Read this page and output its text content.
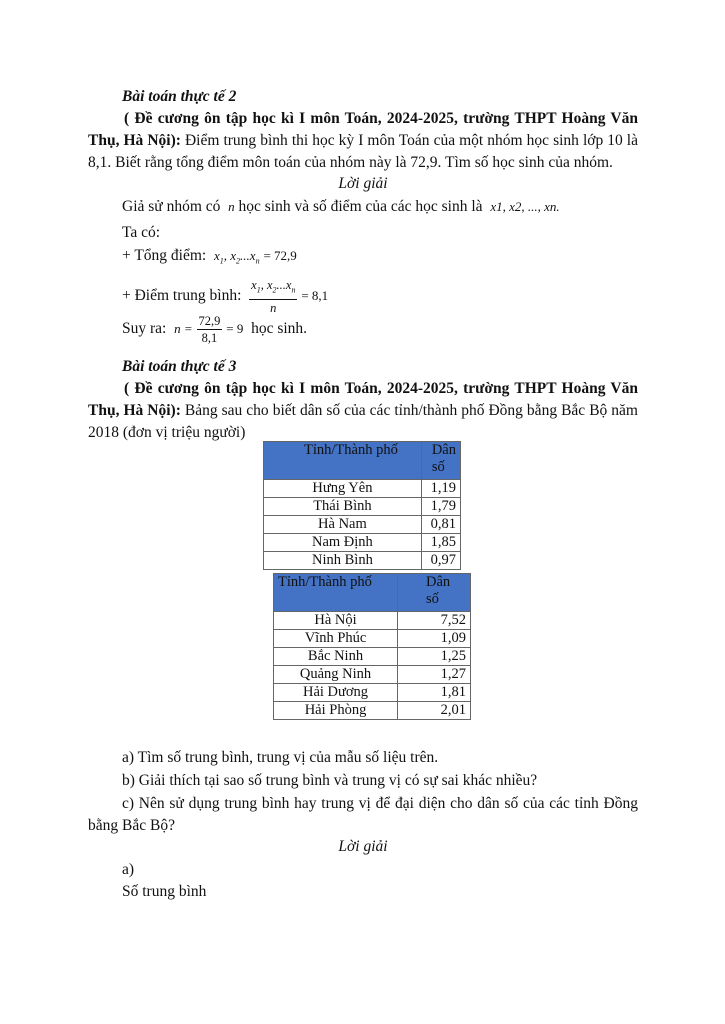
Bài toán thực tế 2

( Đề cương ôn tập học kì I môn Toán, 2024-2025, trường THPT Hoàng Văn Thụ, Hà Nội): Điểm trung bình thi học kỳ I môn Toán của một nhóm học sinh lớp 10 là 8,1. Biết rằng tổng điểm môn toán của nhóm này là 72,9. Tìm số học sinh của nhóm.

Lời giải

Giả sử nhóm có n học sinh và số điểm của các học sinh là x1, x2, ..., xn.

Ta có:

+ Tổng điểm: $x_1$, $x_2...x_n = 72,9$

+ Điểm trung bình: $\frac{x_1, x_2...x_n}{n} = 8,1$

Suy ra: $n = \frac{72,9}{8,1} = 9$ học sinh.

Bài toán thực tế 3

( Đề cương ôn tập học kì I môn Toán, 2024-2025, trường THPT Hoàng Văn Thụ, Hà Nội): Bảng sau cho biết dân số của các tỉnh/thành phố Đồng bằng Bắc Bộ năm 2018 (đơn vị triệu người)

Tỉnh/Thành phố	Dân số
Hưng Yên	1,19
Thái Bình	1,79
Hà Nam	0,81
Nam Định	1,85
Ninh Bình	0,97
Tỉnh/Thành phố	Dân số
Hà Nội	7,52
Vĩnh Phúc	1,09
Bắc Ninh	1,25
Quảng Ninh	1,27
Hải Dương	1,81
Hải Phòng	2,01

a) Tìm số trung bình, trung vị của mẫu số liệu trên.

b) Giải thích tại sao số trung bình và trung vị có sự sai khác nhiều?

c) Nên sử dụng trung bình hay trung vị để đại diện cho dân số của các tỉnh Đồng bằng Bắc Bộ?

Lời giải

a)

Số trung bình
